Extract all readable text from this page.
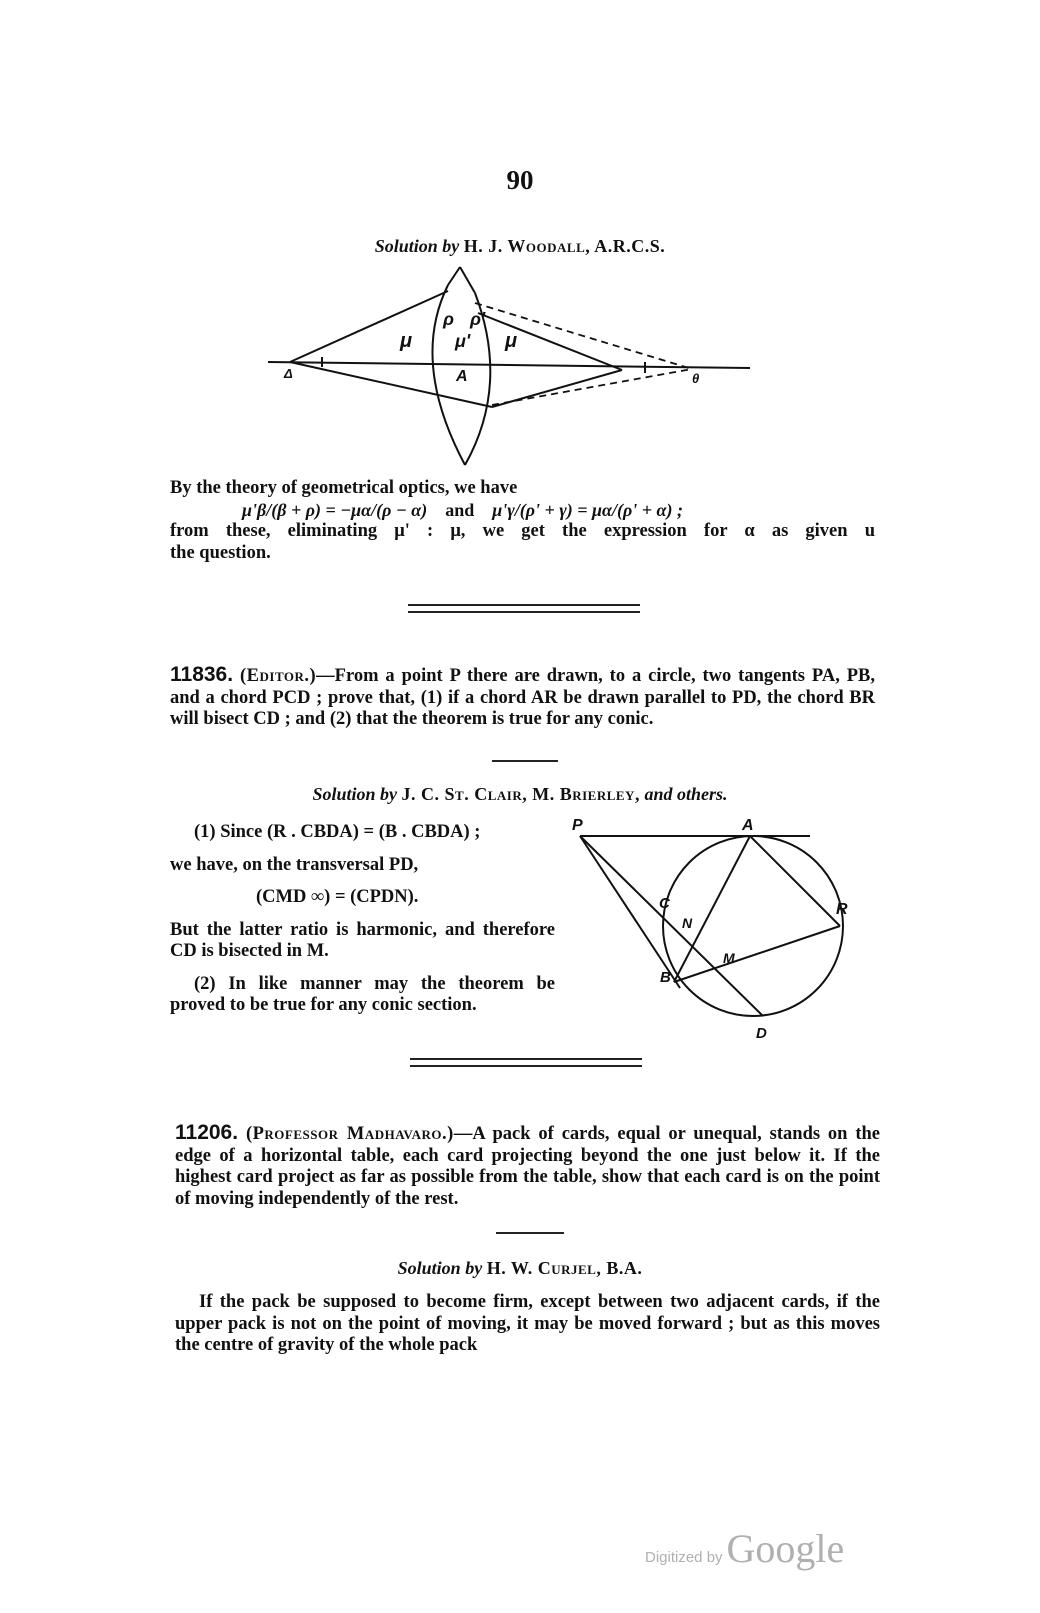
90
Solution by H. J. Woodall, A.R.C.S.
μ
ρ ρ'
μ' μ
Δ	A	θ
By the theory of geometrical optics, we have
μ'β/(β + ρ) = −μα/(ρ − α) and μ'γ/(ρ' + γ) = μα/(ρ' + α) ;
from these, eliminating μ' : μ, we get the expression for α as given u
the question.
11836. (Editor.)—From a point P there are drawn, to a circle, two tangents PA, PB, and a chord PCD ; prove that, (1) if a chord AR be drawn parallel to PD, the chord BR will bisect CD ; and (2) that the theorem is true for any conic.
Solution by J. C. St. Clair, M. Brierley, and others.
(1) Since (R . CBDA) = (B . CBDA) ;
we have, on the transversal PD,
(CMD ∞) = (CPDN).
But the latter ratio is harmonic, and therefore CD is bisected in M.
(2) In like manner may the theorem be proved to be true for any conic section.
P	A
C
N
R
M
B
D
11206. (Professor Madhavaro.)—A pack of cards, equal or unequal, stands on the edge of a horizontal table, each card projecting beyond the one just below it. If the highest card project as far as possible from the table, show that each card is on the point of moving independently of the rest.
Solution by H. W. Curjel, B.A.
If the pack be supposed to become firm, except between two adjacent cards, if the upper pack is not on the point of moving, it may be moved forward ; but as this moves the centre of gravity of the whole pack
Digitized by Google
